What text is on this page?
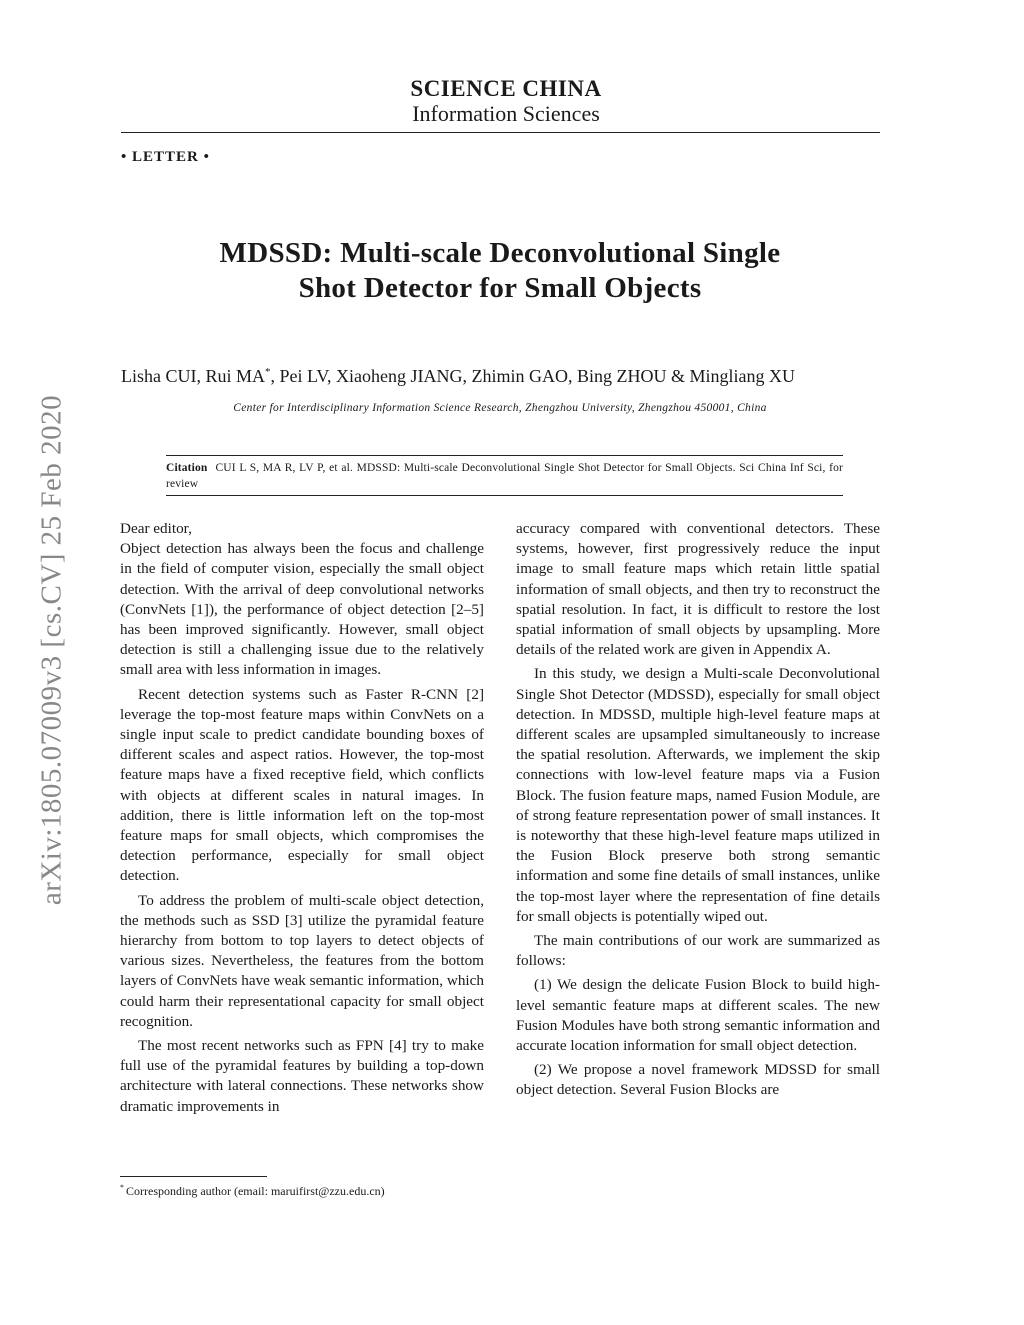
SCIENCE CHINA
Information Sciences
• LETTER •
MDSSD: Multi-scale Deconvolutional Single
Shot Detector for Small Objects
Lisha CUI, Rui MA*, Pei LV, Xiaoheng JIANG, Zhimin GAO, Bing ZHOU & Mingliang XU
Center for Interdisciplinary Information Science Research, Zhengzhou University, Zhengzhou 450001, China
Citation CUI L S, MA R, LV P, et al. MDSSD: Multi-scale Deconvolutional Single Shot Detector for Small Objects. Sci China Inf Sci, for review
arXiv:1805.07009v3 [cs.CV] 25 Feb 2020	Dear editor,

Object detection has always been the focus and challenge in the field of computer vision, especially the small object detection. With the arrival of deep convolutional networks (ConvNets [1]), the performance of object detection [2–5] has been improved significantly. However, small object detection is still a challenging issue due to the relatively small area with less information in images.

Recent detection systems such as Faster R-CNN [2] leverage the top-most feature maps within ConvNets on a single input scale to predict candidate bounding boxes of different scales and aspect ratios. However, the top-most feature maps have a fixed receptive field, which conflicts with objects at different scales in natural images. In addition, there is little information left on the top-most feature maps for small objects, which compromises the detection performance, especially for small object detection.

To address the problem of multi-scale object detection, the methods such as SSD [3] utilize the pyramidal feature hierarchy from bottom to top layers to detect objects of various sizes. Nevertheless, the features from the bottom layers of ConvNets have weak semantic information, which could harm their representational capacity for small object recognition.

The most recent networks such as FPN [4] try to make full use of the pyramidal features by building a top-down architecture with lateral connections. These networks show dramatic improvements in

accuracy compared with conventional detectors. These systems, however, first progressively reduce the input image to small feature maps which retain little spatial information of small objects, and then try to reconstruct the spatial resolution. In fact, it is difficult to restore the lost spatial information of small objects by upsampling. More details of the related work are given in Appendix A.

In this study, we design a Multi-scale Deconvolutional Single Shot Detector (MDSSD), especially for small object detection. In MDSSD, multiple high-level feature maps at different scales are upsampled simultaneously to increase the spatial resolution. Afterwards, we implement the skip connections with low-level feature maps via a Fusion Block. The fusion feature maps, named Fusion Module, are of strong feature representation power of small instances. It is noteworthy that these high-level feature maps utilized in the Fusion Block preserve both strong semantic information and some fine details of small instances, unlike the top-most layer where the representation of fine details for small objects is potentially wiped out.

The main contributions of our work are summarized as follows:

(1) We design the delicate Fusion Block to build high-level semantic feature maps at different scales. The new Fusion Modules have both strong semantic information and accurate location information for small object detection.

(2) We propose a novel framework MDSSD for small object detection. Several Fusion Blocks are

* Corresponding author (email: maruifirst@zzu.edu.cn)
